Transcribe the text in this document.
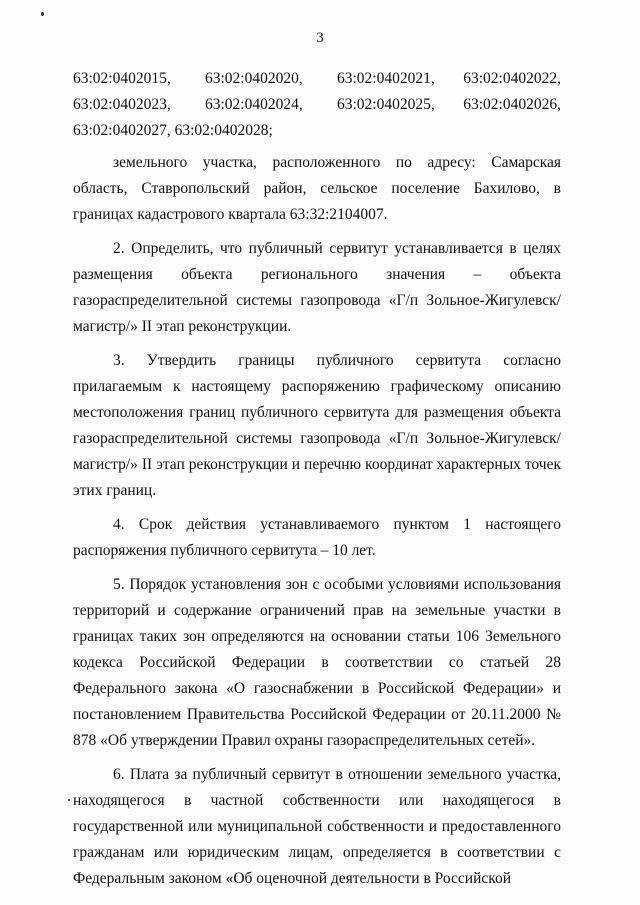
3
63:02:0402015,	63:02:0402020,	63:02:0402021,	63:02:0402022,
63:02:0402023,	63:02:0402024,	63:02:0402025,	63:02:0402026,
63:02:0402027, 63:02:0402028;

земельного участка, расположенного по адресу: Самарская область, Ставропольский район, сельское поселение Бахилово, в границах кадастрового квартала 63:32:2104007.

2. Определить, что публичный сервитут устанавливается в целях размещения объекта регионального значения – объекта газораспределительной системы газопровода «Г/п Зольное-Жигулевск/магистр/» II этап реконструкции.

3. Утвердить границы публичного сервитута согласно прилагаемым к настоящему распоряжению графическому описанию местоположения границ публичного сервитута для размещения объекта газораспределительной системы газопровода «Г/п Зольное-Жигулевск/магистр/» II этап реконструкции и перечню координат характерных точек этих границ.

4. Срок действия устанавливаемого пунктом 1 настоящего распоряжения публичного сервитута – 10 лет.

5. Порядок установления зон с особыми условиями использования территорий и содержание ограничений прав на земельные участки в границах таких зон определяются на основании статьи 106 Земельного кодекса Российской Федерации в соответствии со статьей 28 Федерального закона «О газоснабжении в Российской Федерации» и постановлением Правительства Российской Федерации от 20.11.2000 № 878 «Об утверждении Правил охраны газораспределительных сетей».

6. Плата за публичный сервитут в отношении земельного участка, находящегося в частной собственности или находящегося в государственной или муниципальной собственности и предоставленного гражданам или юридическим лицам, определяется в соответствии с Федеральным законом «Об оценочной деятельности в Российской
